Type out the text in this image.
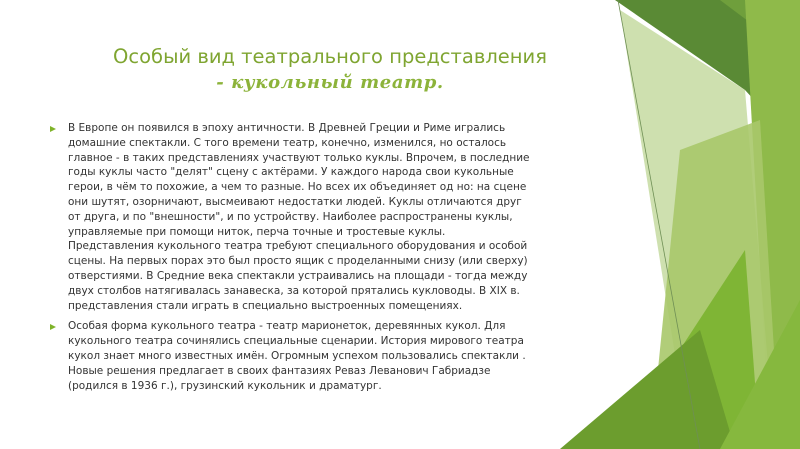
Особый вид театрального представления
- кукольный театр.

В Европе он появился в эпоху античности. В Древней Греции и Риме игрались
домашние спектакли. С того времени театр, конечно, изменился, но осталось
главное - в таких представлениях участвуют только куклы. Впрочем, в последние
годы куклы часто "делят" сцену с актёрами. У каждого народа свои кукольные
герои, в чём то похожие, а чем то разные. Но всех их объединяет од но: на сцене
они шутят, озорничают, высмеивают недостатки людей. Куклы отличаются друг
от друга, и по "внешности", и по устройству. Наиболее распространены куклы,
управляемые при помощи ниток, перча точные и тростевые куклы.
Представления кукольного театра требуют специального оборудования и особой
сцены. На первых порах это был просто ящик с проделанными снизу (или сверху)
отверстиями. В Средние века спектакли устраивались на площади - тогда между
двух столбов натягивалась занавеска, за которой прятались кукловоды. В XIX в.
представления стали играть в специально выстроенных помещениях.

Особая форма кукольного театра - театр марионеток, деревянных кукол. Для
кукольного театра сочинялись специальные сценарии. История мирового театра
кукол знает много известных имён. Огромным успехом пользовались спектакли .
Новые решения предлагает в своих фантазиях Реваз Леванович Габриадзе
(родился в 1936 г.), грузинский кукольник и драматург.
